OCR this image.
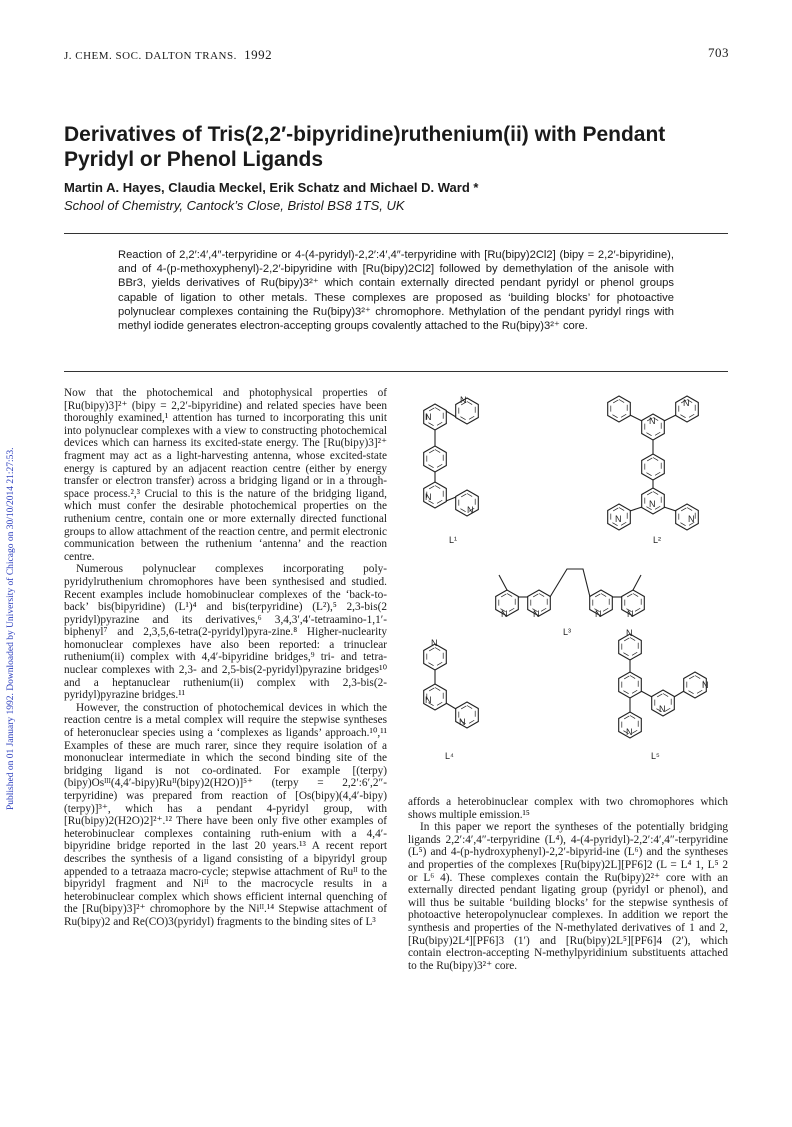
J. CHEM. SOC. DALTON TRANS. 1992	703
Published on 01 January 1992. Downloaded by University of Chicago on 30/10/2014 21:27:53.
Derivatives of Tris(2,2′-bipyridine)ruthenium(ii) with Pendant
Pyridyl or Phenol Ligands
Martin A. Hayes, Claudia Meckel, Erik Schatz and Michael D. Ward *
School of Chemistry, Cantock’s Close, Bristol BS8 1TS, UK
Reaction of 2,2′:4′,4″-terpyridine or 4-(4-pyridyl)-2,2′:4′,4″-terpyridine with [Ru(bipy)2Cl2] (bipy = 2,2′-bipyridine), and of 4-(p-methoxyphenyl)-2,2′-bipyridine with [Ru(bipy)2Cl2] followed by demethylation of the anisole with BBr3, yields derivatives of Ru(bipy)3²⁺ which contain externally directed pendant pyridyl or phenol groups capable of ligation to other metals. These complexes are proposed as ‘building blocks’ for photoactive polynuclear complexes containing the Ru(bipy)3²⁺ chromophore. Methylation of the pendant pyridyl rings with methyl iodide generates electron-accepting groups covalently attached to the Ru(bipy)3²⁺ core.

Now that the photochemical and photophysical properties of [Ru(bipy)3]²⁺ (bipy = 2,2′-bipyridine) and related species have been thoroughly examined,¹ attention has turned to incorporating this unit into polynuclear complexes with a view to constructing photochemical devices which can harness its excited-state energy. The [Ru(bipy)3]²⁺ fragment may act as a light-harvesting antenna, whose excited-state energy is captured by an adjacent reaction centre (either by energy transfer or electron transfer) across a bridging ligand or in a through-space process.²,³ Crucial to this is the nature of the bridging ligand, which must confer the desirable photochemical properties on the ruthenium centre, contain one or more externally directed functional groups to allow attachment of the reaction centre, and permit electronic communication between the ruthenium ‘antenna’ and the reaction centre.

Numerous polynuclear complexes incorporating poly-pyridylruthenium chromophores have been synthesised and studied. Recent examples include homobinuclear complexes of the ‘back-to-back’ bis(bipyridine) (L¹)⁴ and bis(terpyridine) (L²),⁵ 2,3-bis(2 pyridyl)pyrazine and its derivatives,⁶ 3,4,3′,4′-tetraamino-1,1′-biphenyl⁷ and 2,3,5,6-tetra(2-pyridyl)pyra-zine.⁸ Higher-nuclearity homonuclear complexes have also been reported: a trinuclear ruthenium(ii) complex with 4,4′-bipyridine bridges,⁹ tri- and tetra-nuclear complexes with 2,3- and 2,5-bis(2-pyridyl)pyrazine bridges¹⁰ and a heptanuclear ruthenium(ii) complex with 2,3-bis(2-pyridyl)pyrazine bridges.¹¹

However, the construction of photochemical devices in which the reaction centre is a metal complex will require the stepwise syntheses of heteronuclear species using a ‘complexes as ligands’ approach.¹⁰,¹¹ Examples of these are much rarer, since they require isolation of a mononuclear intermediate in which the second binding site of the bridging ligand is not co-ordinated. For example [(terpy)(bipy)Osᴵᴵᴵ(4,4′-bipy)Ruᴵᴵ(bipy)2(H2O)]⁵⁺ (terpy = 2,2′:6′,2″-terpyridine) was prepared from reaction of [Os(bipy)(4,4′-bipy)(terpy)]³⁺, which has a pendant 4-pyridyl group, with [Ru(bipy)2(H2O)2]²⁺.¹² There have been only five other examples of heterobinuclear complexes containing ruth-enium with a 4,4′-bipyridine bridge reported in the last 20 years.¹³ A recent report describes the synthesis of a ligand consisting of a bipyridyl group appended to a tetraaza macro-cycle; stepwise attachment of Ruᴵᴵ to the bipyridyl fragment and Niᴵᴵ to the macrocycle results in a heterobinuclear complex which shows efficient internal quenching of the [Ru(bipy)3]²⁺ chromophore by the Niᴵᴵ.¹⁴ Stepwise attachment of Ru(bipy)2 and Re(CO)3(pyridyl) fragments to the binding sites of L³

affords a heterobinuclear complex with two chromophores which shows multiple emission.¹⁵

In this paper we report the syntheses of the potentially bridging ligands 2,2′:4′,4″-terpyridine (L⁴), 4-(4-pyridyl)-2,2′:4′,4″-terpyridine (L⁵) and 4-(p-hydroxyphenyl)-2,2′-bipyrid-ine (L⁶) and the syntheses and properties of the complexes [Ru(bipy)2L][PF6]2 (L = L⁴ 1, L⁵ 2 or L⁶ 4). These complexes contain the Ru(bipy)2²⁺ core with an externally directed pendant ligating group (pyridyl or phenol), and will thus be suitable ‘building blocks’ for the stepwise synthesis of photoactive heteropolynuclear complexes. In addition we report the synthesis and properties of the N-methylated derivatives of 1 and 2, [Ru(bipy)2L⁴][PF6]3 (1′) and [Ru(bipy)2L⁵][PF6]4 (2′), which contain electron-accepting N-methylpyridinium substituents attached to the Ru(bipy)3²⁺ core.

N
N
N
N
N
N
N
N
N
N	N	N	N
N
N
N
N
N
N
N
L¹	L²
L³
L⁴	L⁵
